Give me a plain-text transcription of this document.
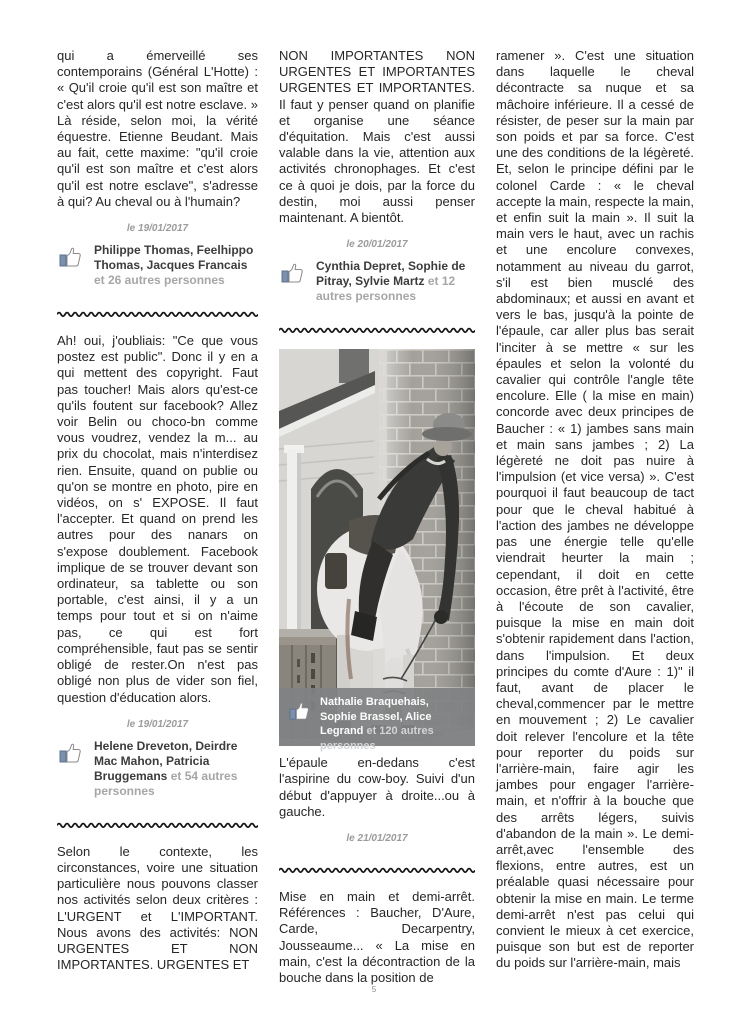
qui a émerveillé ses contemporains (Général L'Hotte) : « Qu'il croie qu'il est son maître et c'est alors qu'il est notre esclave. » Là réside, selon moi, la vérité équestre. Etienne Beudant. Mais au fait, cette maxime: "qu'il croie qu'il est son maître et c'est alors qu'il est notre esclave", s'adresse à qui? Au cheval ou à l'humain?

le 19/01/2017

Philippe Thomas, Feelhippo Thomas, Jacques Francais et 26 autres personnes

Ah! oui, j'oubliais: "Ce que vous postez est public". Donc il y en a qui mettent des copyright. Faut pas toucher! Mais alors qu'est-ce qu'ils foutent sur facebook? Allez voir Belin ou choco-bn comme vous voudrez, vendez la m... au prix du chocolat, mais n'interdisez rien. Ensuite, quand on publie ou qu'on se montre en photo, pire en vidéos, on s' EXPOSE. Il faut l'accepter. Et quand on prend les autres pour des nanars on s'expose doublement. Facebook implique de se trouver devant son ordinateur, sa tablette ou son portable, c'est ainsi, il y a un temps pour tout et si on n'aime pas, ce qui est fort compréhensible, faut pas se sentir obligé de rester.On n'est pas obligé non plus de vider son fiel, question d'éducation alors.

le 19/01/2017

Helene Dreveton, Deirdre Mac Mahon, Patricia Bruggemans et 54 autres personnes

Selon le contexte, les circonstances, voire une situation particulière nous pouvons classer nos activités selon deux critères : L'URGENT et L'IMPORTANT. Nous avons des activités: NON URGENTES ET NON IMPORTANTES. URGENTES ET

NON IMPORTANTES NON URGENTES ET IMPORTANTES URGENTES ET IMPORTANTES. Il faut y penser quand on planifie et organise une séance d'équitation. Mais c'est aussi valable dans la vie, attention aux activités chronophages. Et c'est ce à quoi je dois, par la force du destin, moi aussi penser maintenant. A bientôt.

le 20/01/2017

Cynthia Depret, Sophie de Pitray, Sylvie Martz et 12 autres personnes

Nathalie Braquehais, Sophie Brassel, Alice Legrand et 120 autres personnes

L'épaule en-dedans c'est l'aspirine du cow-boy. Suivi d'un début d'appuyer à droite...ou à gauche.

le 21/01/2017

Mise en main et demi-arrêt. Références : Baucher, D'Aure, Carde, Decarpentry, Jousseaume... « La mise en main, c'est la décontraction de la bouche dans la position de

ramener ». C'est une situation dans laquelle le cheval décontracte sa nuque et sa mâchoire inférieure. Il a cessé de résister, de peser sur la main par son poids et par sa force. C'est une des conditions de la légèreté. Et, selon le principe défini par le colonel Carde : « le cheval accepte la main, respecte la main, et enfin suit la main ». Il suit la main vers le haut, avec un rachis et une encolure convexes, notamment au niveau du garrot, s'il est bien musclé des abdominaux; et aussi en avant et vers le bas, jusqu'à la pointe de l'épaule, car aller plus bas serait l'inciter à se mettre « sur les épaules et selon la volonté du cavalier qui contrôle l'angle tête encolure. Elle ( la mise en main) concorde avec deux principes de Baucher : « 1) jambes sans main et main sans jambes ; 2) La légèreté ne doit pas nuire à l'impulsion (et vice versa) ». C'est pourquoi il faut beaucoup de tact pour que le cheval habitué à l'action des jambes ne développe pas une énergie telle qu'elle viendrait heurter la main ; cependant, il doit en cette occasion, être prêt à l'activité, être à l'écoute de son cavalier, puisque la mise en main doit s'obtenir rapidement dans l'action, dans l'impulsion. Et deux principes du comte d'Aure : 1)" il faut, avant de placer le cheval,commencer par le mettre en mouvement ; 2) Le cavalier doit relever l'encolure et la tête pour reporter du poids sur l'arrière-main, faire agir les jambes pour engager l'arrière-main, et n'offrir à la bouche que des arrêts légers, suivis d'abandon de la main ». Le demi-arrêt,avec l'ensemble des flexions, entre autres, est un préalable quasi nécessaire pour obtenir la mise en main. Le terme demi-arrêt n'est pas celui qui convient le mieux à cet exercice, puisque son but est de reporter du poids sur l'arrière-main, mais

5
